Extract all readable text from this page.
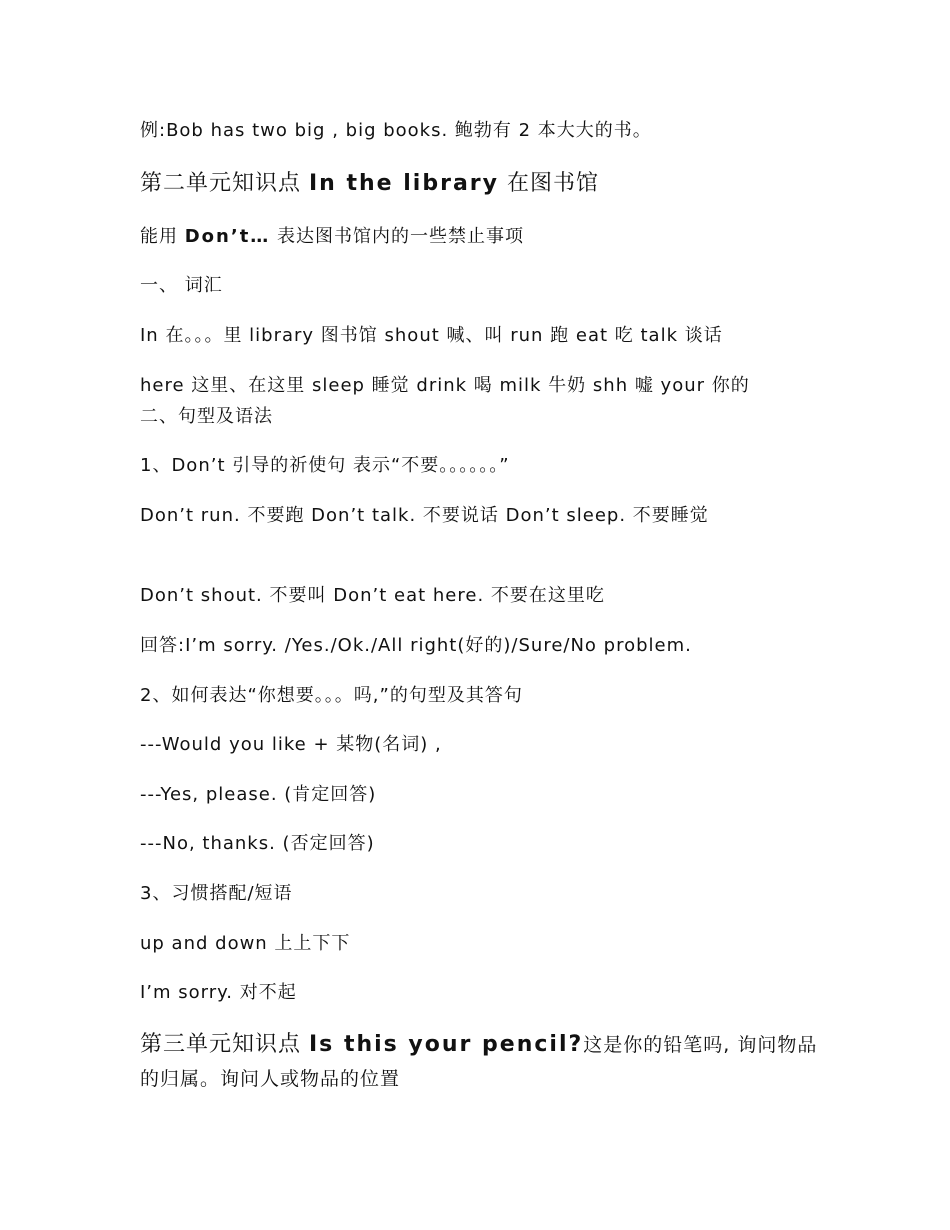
例:Bob has two big , big books. 鲍勃有 2 本大大的书。
第二单元知识点 In the library 在图书馆
能用 Don’t… 表达图书馆内的一些禁止事项
一、 词汇
In 在。。。里 library 图书馆 shout 喊、叫 run 跑 eat 吃 talk 谈话
here 这里、在这里 sleep 睡觉 drink 喝 milk 牛奶 shh 嘘 your 你的
二、句型及语法
1、Don’t 引导的祈使句 表示“不要。。。。。。”
Don’t run. 不要跑 Don’t talk. 不要说话 Don’t sleep. 不要睡觉
Don’t shout. 不要叫 Don’t eat here. 不要在这里吃
回答:I’m sorry. /Yes./Ok./All right(好的)/Sure/No problem.
2、如何表达“你想要。。。吗,”的句型及其答句
---Would you like + 某物(名词) ,
---Yes, please. (肯定回答)
---No, thanks. (否定回答)
3、习惯搭配/短语
up and down 上上下下
I’m sorry. 对不起
第三单元知识点 Is this your pencil?这是你的铅笔吗, 询问物品的归属。询问人或物品的位置
